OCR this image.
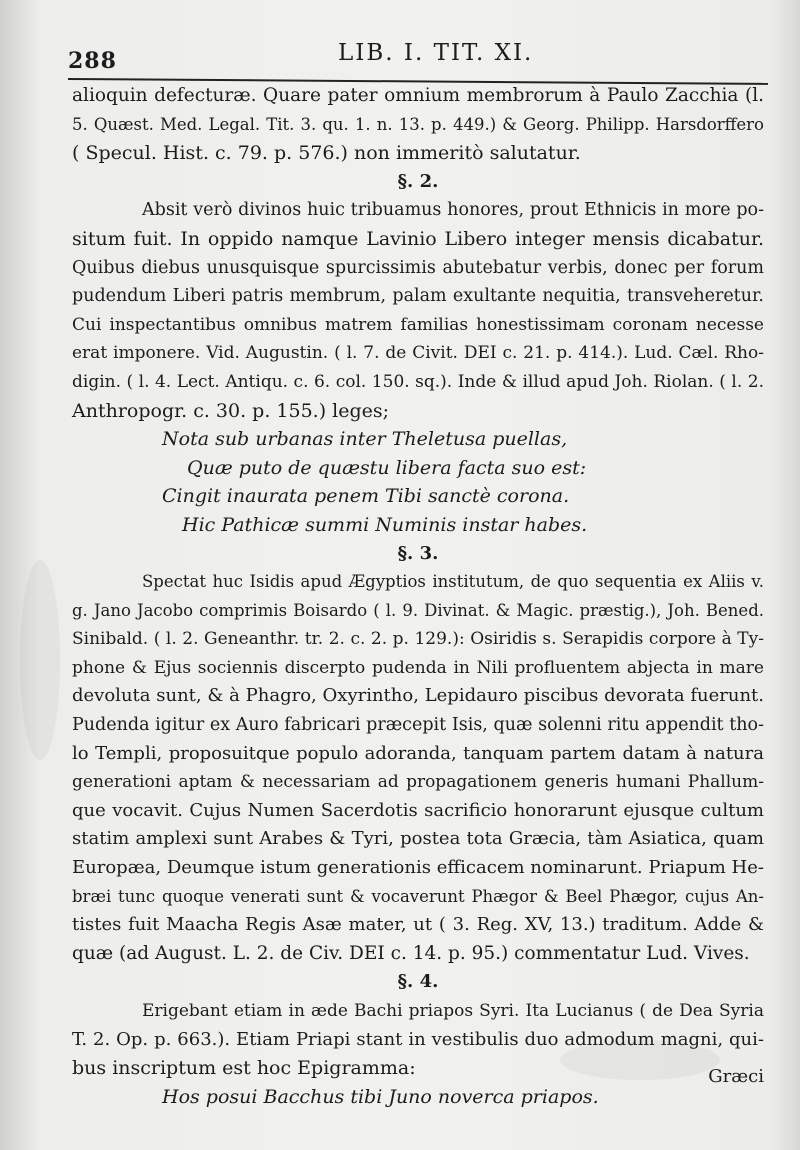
288	LIB. I. TIT. XI.
alioquin defecturæ. Quare pater omnium membrorum à Paulo Zacchia (l.
5. Quæst. Med. Legal. Tit. 3. qu. 1. n. 13. p. 449.) & Georg. Philipp. Harsdorffero
( Specul. Hist. c. 79. p. 576.) non immeritò salutatur.
§. 2.
Absit verò divinos huic tribuamus honores, prout Ethnicis in more po-
situm fuit. In oppido namque Lavinio Libero integer mensis dicabatur.
Quibus diebus unusquisque spurcissimis abutebatur verbis, donec per forum
pudendum Liberi patris membrum, palam exultante nequitia, transveheretur.
Cui inspectantibus omnibus matrem familias honestissimam coronam necesse
erat imponere. Vid. Augustin. ( l. 7. de Civit. DEI c. 21. p. 414.). Lud. Cæl. Rho-
digin. ( l. 4. Lect. Antiqu. c. 6. col. 150. sq.). Inde & illud apud Joh. Riolan. ( l. 2.
Anthropogr. c. 30. p. 155.) leges;
Nota sub urbanas inter Theletusa puellas,
Quæ puto de quæstu libera facta suo est:
Cingit inaurata penem Tibi sanctè corona.
Hic Pathicæ summi Numinis instar habes.
§. 3.
Spectat huc Isidis apud Ægyptios institutum, de quo sequentia ex Aliis v.
g. Jano Jacobo comprimis Boisardo ( l. 9. Divinat. & Magic. præstig.), Joh. Bened.
Sinibald. ( l. 2. Geneanthr. tr. 2. c. 2. p. 129.): Osiridis s. Serapidis corpore à Ty-
phone & Ejus sociennis discerpto pudenda in Nili profluentem abjecta in mare
devoluta sunt, & à Phagro, Oxyrintho, Lepidauro piscibus devorata fuerunt.
Pudenda igitur ex Auro fabricari præcepit Isis, quæ solenni ritu appendit tho-
lo Templi, proposuitque populo adoranda, tanquam partem datam à natura
generationi aptam & necessariam ad propagationem generis humani Phallum-
que vocavit. Cujus Numen Sacerdotis sacrificio honorarunt ejusque cultum
statim amplexi sunt Arabes & Tyri, postea tota Græcia, tàm Asiatica, quam
Europæa, Deumque istum generationis efficacem nominarunt. Priapum He-
bræi tunc quoque venerati sunt & vocaverunt Phægor & Beel Phægor, cujus An-
tistes fuit Maacha Regis Asæ mater, ut ( 3. Reg. XV, 13.) traditum. Adde &
quæ (ad August. L. 2. de Civ. DEI c. 14. p. 95.) commentatur Lud. Vives.
§. 4.
Erigebant etiam in æde Bachi priapos Syri. Ita Lucianus ( de Dea Syria
T. 2. Op. p. 663.). Etiam Priapi stant in vestibulis duo admodum magni, qui-
bus inscriptum est hoc Epigramma:
Hos posui Bacchus tibi Juno noverca priapos.
Græci
